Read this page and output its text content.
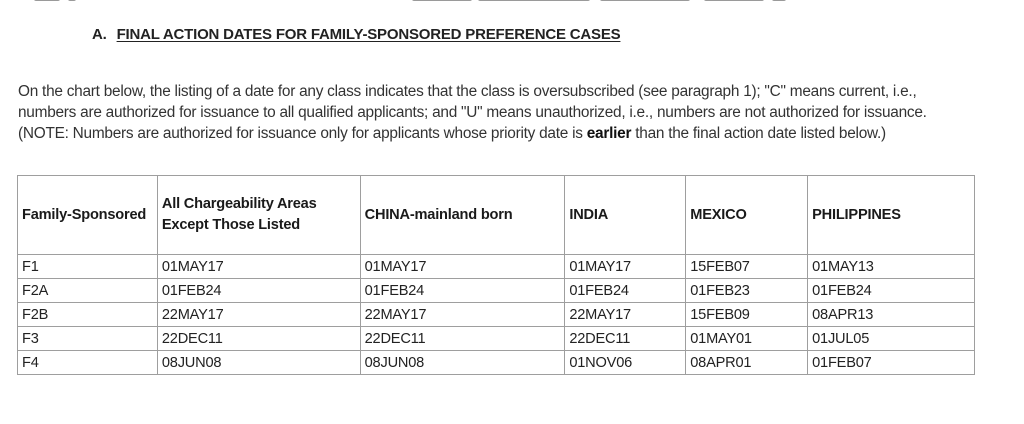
A. FINAL ACTION DATES FOR FAMILY-SPONSORED PREFERENCE CASES

On the chart below, the listing of a date for any class indicates that the class is oversubscribed (see paragraph 1); "C" means current, i.e., numbers are authorized for issuance to all qualified applicants; and "U" means unauthorized, i.e., numbers are not authorized for issuance. (NOTE: Numbers are authorized for issuance only for applicants whose priority date is earlier than the final action date listed below.)

Family-Sponsored	All Chargeability Areas Except Those Listed	CHINA-mainland born	INDIA	MEXICO	PHILIPPINES
F1	01MAY17	01MAY17	01MAY17	15FEB07	01MAY13
F2A	01FEB24	01FEB24	01FEB24	01FEB23	01FEB24
F2B	22MAY17	22MAY17	22MAY17	15FEB09	08APR13
F3	22DEC11	22DEC11	22DEC11	01MAY01	01JUL05
F4	08JUN08	08JUN08	01NOV06	08APR01	01FEB07
